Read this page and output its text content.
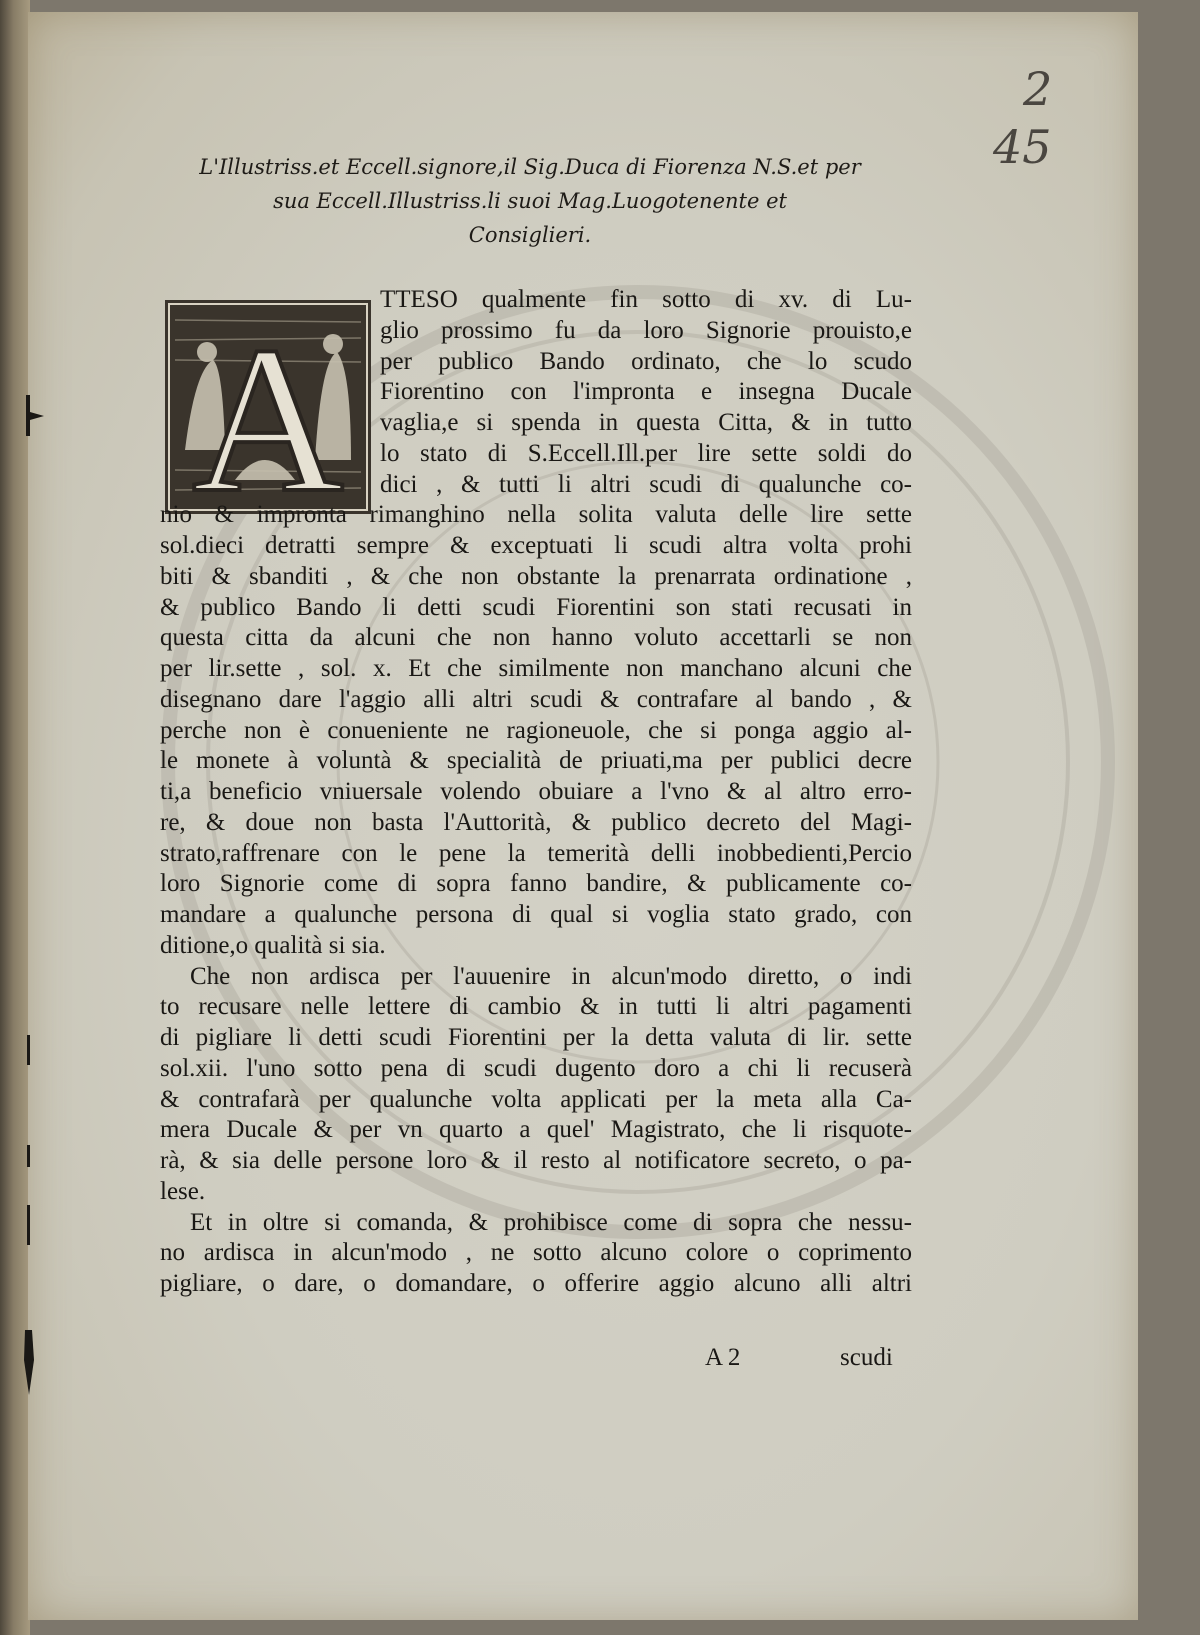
2
45
L'Illustriss.et Eccell.signore,il Sig.Duca di Fiorenza N.S.et per
sua Eccell.Illustriss.li suoi Mag.Luogotenente et
Consiglieri.
A
TTESO qualmente fin sotto di xv. di Lu-
glio prossimo fu da loro Signorie prouisto,e
per publico Bando ordinato, che lo scudo
Fiorentino con l'impronta e insegna Ducale
vaglia,e si spenda in questa Citta, & in tutto
lo stato di S.Eccell.Ill.per lire sette soldi do
dici , & tutti li altri scudi di qualunche co-
nio & impronta rimanghino nella solita valuta delle lire sette
sol.dieci detratti sempre & exceptuati li scudi altra volta prohi
biti & sbanditi , & che non obstante la prenarrata ordinatione ,
& publico Bando li detti scudi Fiorentini son stati recusati in
questa citta da alcuni che non hanno voluto accettarli se non
per lir.sette , sol. x. Et che similmente non manchano alcuni che
disegnano dare l'aggio alli altri scudi & contrafare al bando , &
perche non è conueniente ne ragioneuole, che si ponga aggio al-
le monete à voluntà & specialità de priuati,ma per publici decre
ti,a beneficio vniuersale volendo obuiare a l'vno & al altro erro-
re, & doue non basta l'Auttorità, & publico decreto del Magi-
strato,raffrenare con le pene la temerità delli inobbedienti,Percio
loro Signorie come di sopra fanno bandire, & publicamente co-
mandare a qualunche persona di qual si voglia stato grado, con
ditione,o qualità si sia.
Che non ardisca per l'auuenire in alcun'modo diretto, o indi
to recusare nelle lettere di cambio & in tutti li altri pagamenti
di pigliare li detti scudi Fiorentini per la detta valuta di lir. sette
sol.xii. l'uno sotto pena di scudi dugento doro a chi li recuserà
& contrafarà per qualunche volta applicati per la meta alla Ca-
mera Ducale & per vn quarto a quel' Magistrato, che li risquote-
rà, & sia delle persone loro & il resto al notificatore secreto, o pa-
lese.
Et in oltre si comanda, & prohibisce come di sopra che nessu-
no ardisca in alcun'modo , ne sotto alcuno colore o coprimento
pigliare, o dare, o domandare, o offerire aggio alcuno alli altri
A 2	scudi
